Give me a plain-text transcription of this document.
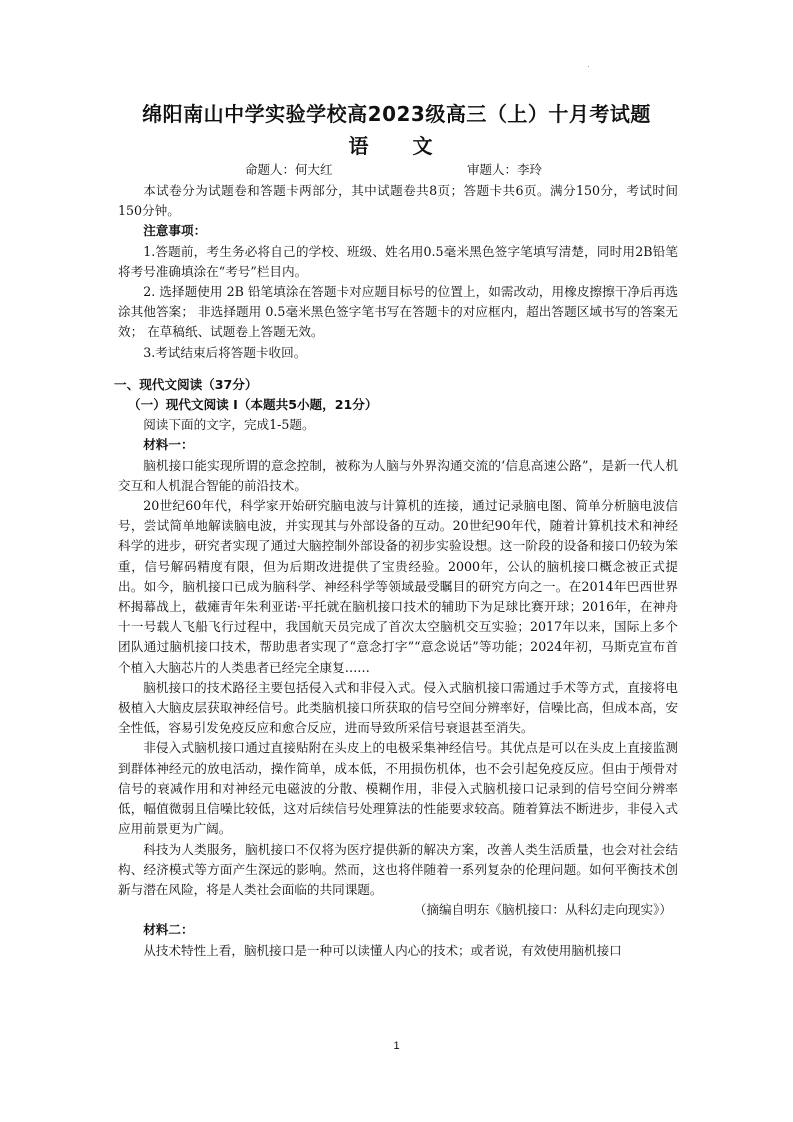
绵阳南山中学实验学校高2023级高三（上）十月考试题
语　文
命题人：何大红	审题人：李玲

本试卷分为试题卷和答题卡两部分，其中试题卷共8页；答题卡共6页。满分150分，考试时间150分钟。

注意事项：

1.答题前，考生务必将自己的学校、班级、姓名用0.5毫米黑色签字笔填写清楚，同时用2B铅笔将考号准确填涂在“考号”栏目内。

2. 选择题使用 2B 铅笔填涂在答题卡对应题目标号的位置上，如需改动，用橡皮擦擦干净后再选涂其他答案； 非选择题用 0.5毫米黑色签字笔书写在答题卡的对应框内，超出答题区域书写的答案无效； 在草稿纸、试题卷上答题无效。

3.考试结束后将答题卡收回。

一、现代文阅读（37分）

（一）现代文阅读 I（本题共5小题，21分）

阅读下面的文字，完成1-5题。

材料一：

脑机接口能实现所谓的意念控制，被称为人脑与外界沟通交流的‘信息高速公路”，是新一代人机交互和人机混合智能的前沿技术。

20世纪60年代，科学家开始研究脑电波与计算机的连接，通过记录脑电图、简单分析脑电波信号，尝试简单地解读脑电波，并实现其与外部设备的互动。20世纪90年代，随着计算机技术和神经科学的进步，研究者实现了通过大脑控制外部设备的初步实验设想。这一阶段的设备和接口仍较为笨重，信号解码精度有限，但为后期改进提供了宝贵经验。2000年，公认的脑机接口概念被正式提出。如今，脑机接口已成为脑科学、神经科学等领域最受瞩目的研究方向之一。在2014年巴西世界杯揭幕战上，截瘫青年朱利亚诺·平托就在脑机接口技术的辅助下为足球比赛开球；2016年，在神舟十一号载人飞船飞行过程中，我国航天员完成了首次太空脑机交互实验；2017年以来，国际上多个团队通过脑机接口技术，帮助患者实现了“意念打字”“意念说话”等功能；2024年初，马斯克宣布首个植入大脑芯片的人类患者已经完全康复……

脑机接口的技术路径主要包括侵入式和非侵入式。侵入式脑机接口需通过手术等方式，直接将电极植入大脑皮层获取神经信号。此类脑机接口所获取的信号空间分辨率好，信噪比高，但成本高，安全性低，容易引发免疫反应和愈合反应，进而导致所采信号衰退甚至消失。

非侵入式脑机接口通过直接贴附在头皮上的电极采集神经信号。其优点是可以在头皮上直接监测到群体神经元的放电活动，操作简单，成本低，不用损伤机体，也不会引起免疫反应。但由于颅骨对信号的衰减作用和对神经元电磁波的分散、模糊作用，非侵入式脑机接口记录到的信号空间分辨率低，幅值微弱且信噪比较低，这对后续信号处理算法的性能要求较高。随着算法不断进步，非侵入式应用前景更为广阔。

科技为人类服务，脑机接口不仅将为医疗提供新的解决方案，改善人类生活质量，也会对社会结构、经济模式等方面产生深远的影响。然而，这也将伴随着一系列复杂的伦理问题。如何平衡技术创新与潜在风险，将是人类社会面临的共同课题。

（摘编自明东《脑机接口：从科幻走向现实》）

材料二：

从技术特性上看，脑机接口是一种可以读懂人内心的技术；或者说，有效使用脑机接口

1
